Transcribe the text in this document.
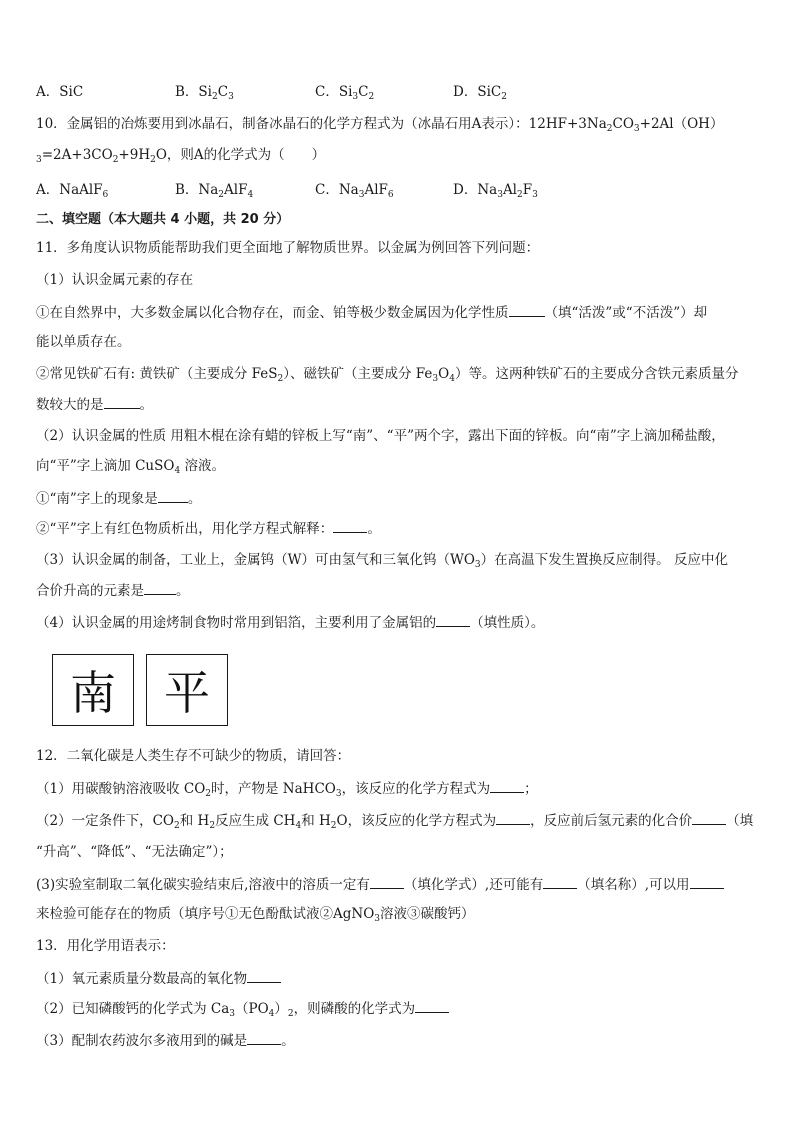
A．SiC	B．$Si_2C_3$	C．$Si_3C_2$	D．SiC$_2$
10．金属铝的冶炼要用到冰晶石，制备冰晶石的化学方程式为（冰晶石用A表示）：$12HF+3Na_2CO_3+2Al(OH)$
$_3=2A+3CO_2+9H_2O$，则A的化学式为（　　）
A．NaAlF$_6$	B．$Na_2AlF_4$	C．$Na_3AlF_6$	D．$Na_3Al_2F_3$
二、填空题（本大题共 4 小题，共 20 分）
11．多角度认识物质能帮助我们更全面地了解物质世界。以金属为例回答下列问题：
（1）认识金属元素的存在
①在自然界中，大多数金属以化合物存在，而金、铂等极少数金属因为化学性质	（填“活泼”或“不活泼”）却
能以单质存在。
②常见铁矿石有: 黄铁矿（主要成分 FeS$_2$）、磁铁矿（主要成分 $Fe_3O_4$）等。这两种铁矿石的主要成分含铁元素质量分
数较大的是	。
（2）认识金属的性质 用粗木棍在涂有蜡的锌板上写“南”、“平”两个字，露出下面的锌板。向“南”字上滴加稀盐酸，
向“平”字上滴加 CuSO$_4$ 溶液。
①“南”字上的现象是 。
②“平”字上有红色物质析出，用化学方程式解释：	。
（3）认识金属的制备，工业上，金属钨（W）可由氢气和三氧化钨$(WO_3)$在高温下发生置换反应制得。 反应中化
合价升高的元素是 。
（4）认识金属的用途烤制食物时常用到铝箔，主要利用了金属铝的	（填性质）。
南	平
12．二氧化碳是人类生存不可缺少的物质，请回答：
（1）用碳酸钠溶液吸收 $CO_2$时，产物是 NaHCO$_3$，该反应的化学方程式为	；
（2）一定条件下，$CO_2$和 $H_2$反应生成 $CH_4$和 $H_2O$，该反应的化学方程式为	，反应前后氢元素的化合价	（填
“升高”、“降低”、“无法确定”）；
(3)实验室制取二氧化碳实验结束后,溶液中的溶质一定有	（填化学式）,还可能有	（填名称）,可以用
来检验可能存在的物质（填序号①无色酚酞试液②AgNO$_3$溶液③碳酸钙）
13．用化学用语表示：
（1）氧元素质量分数最高的氧化物
（2）已知磷酸钙的化学式为 $Ca_3(PO_4)_2$，则磷酸的化学式为
（3）配制农药波尔多液用到的碱是	。
